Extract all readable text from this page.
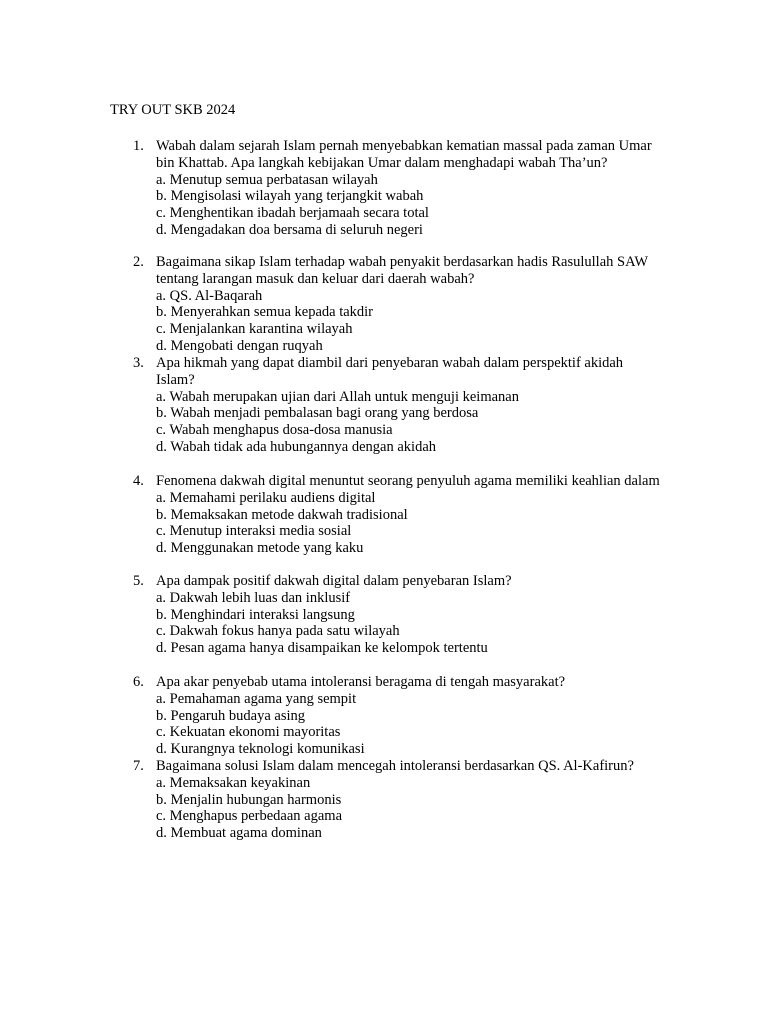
TRY OUT SKB 2024
1. Wabah dalam sejarah Islam pernah menyebabkan kematian massal pada zaman Umar bin Khattab. Apa langkah kebijakan Umar dalam menghadapi wabah Tha’un?
a. Menutup semua perbatasan wilayah
b. Mengisolasi wilayah yang terjangkit wabah
c. Menghentikan ibadah berjamaah secara total
d. Mengadakan doa bersama di seluruh negeri
2. Bagaimana sikap Islam terhadap wabah penyakit berdasarkan hadis Rasulullah SAW tentang larangan masuk dan keluar dari daerah wabah?
a. QS. Al-Baqarah
b. Menyerahkan semua kepada takdir
c. Menjalankan karantina wilayah
d. Mengobati dengan ruqyah
3. Apa hikmah yang dapat diambil dari penyebaran wabah dalam perspektif akidah Islam?
a. Wabah merupakan ujian dari Allah untuk menguji keimanan
b. Wabah menjadi pembalasan bagi orang yang berdosa
c. Wabah menghapus dosa-dosa manusia
d. Wabah tidak ada hubungannya dengan akidah
4. Fenomena dakwah digital menuntut seorang penyuluh agama memiliki keahlian dalam
a. Memahami perilaku audiens digital
b. Memaksakan metode dakwah tradisional
c. Menutup interaksi media sosial
d. Menggunakan metode yang kaku
5. Apa dampak positif dakwah digital dalam penyebaran Islam?
a. Dakwah lebih luas dan inklusif
b. Menghindari interaksi langsung
c. Dakwah fokus hanya pada satu wilayah
d. Pesan agama hanya disampaikan ke kelompok tertentu
6. Apa akar penyebab utama intoleransi beragama di tengah masyarakat?
a. Pemahaman agama yang sempit
b. Pengaruh budaya asing
c. Kekuatan ekonomi mayoritas
d. Kurangnya teknologi komunikasi
7. Bagaimana solusi Islam dalam mencegah intoleransi berdasarkan QS. Al-Kafirun?
a. Memaksakan keyakinan
b. Menjalin hubungan harmonis
c. Menghapus perbedaan agama
d. Membuat agama dominan
